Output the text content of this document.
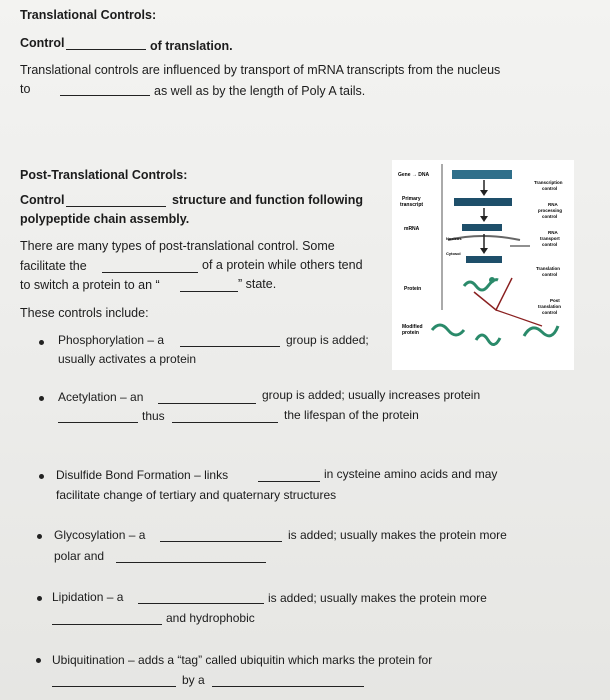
Translational Controls:
Control	of translation.
Translational controls are influenced by transport of mRNA transcripts from the nucleus
to	as well as by the length of Poly A tails.
Post-Translational Controls:
Control	structure and function following
polypeptide chain assembly.
There are many types of post-translational control. Some
facilitate the	of a protein while others tend
to switch a protein to an “	” state.
These controls include:
Phosphorylation – a	group is added;
usually activates a protein
Acetylation – an	group is added; usually increases protein
thus	the lifespan of the protein
Disulfide Bond Formation – links	in cysteine amino acids and may
facilitate change of tertiary and quaternary structures
Glycosylation – a	is added; usually makes the protein more
polar and
Lipidation – a	is added; usually makes the protein more
and hydrophobic
Ubiquitination – adds a “tag” called ubiquitin which marks the protein for
by a
Gene → DNA
Primary
transcript
mRNA
Nucleus
Cytosol
Protein
Modified
protein
Transcription
control
RNA
processing
control
RNA
transport
control
Translation
control
Post
translation
control
